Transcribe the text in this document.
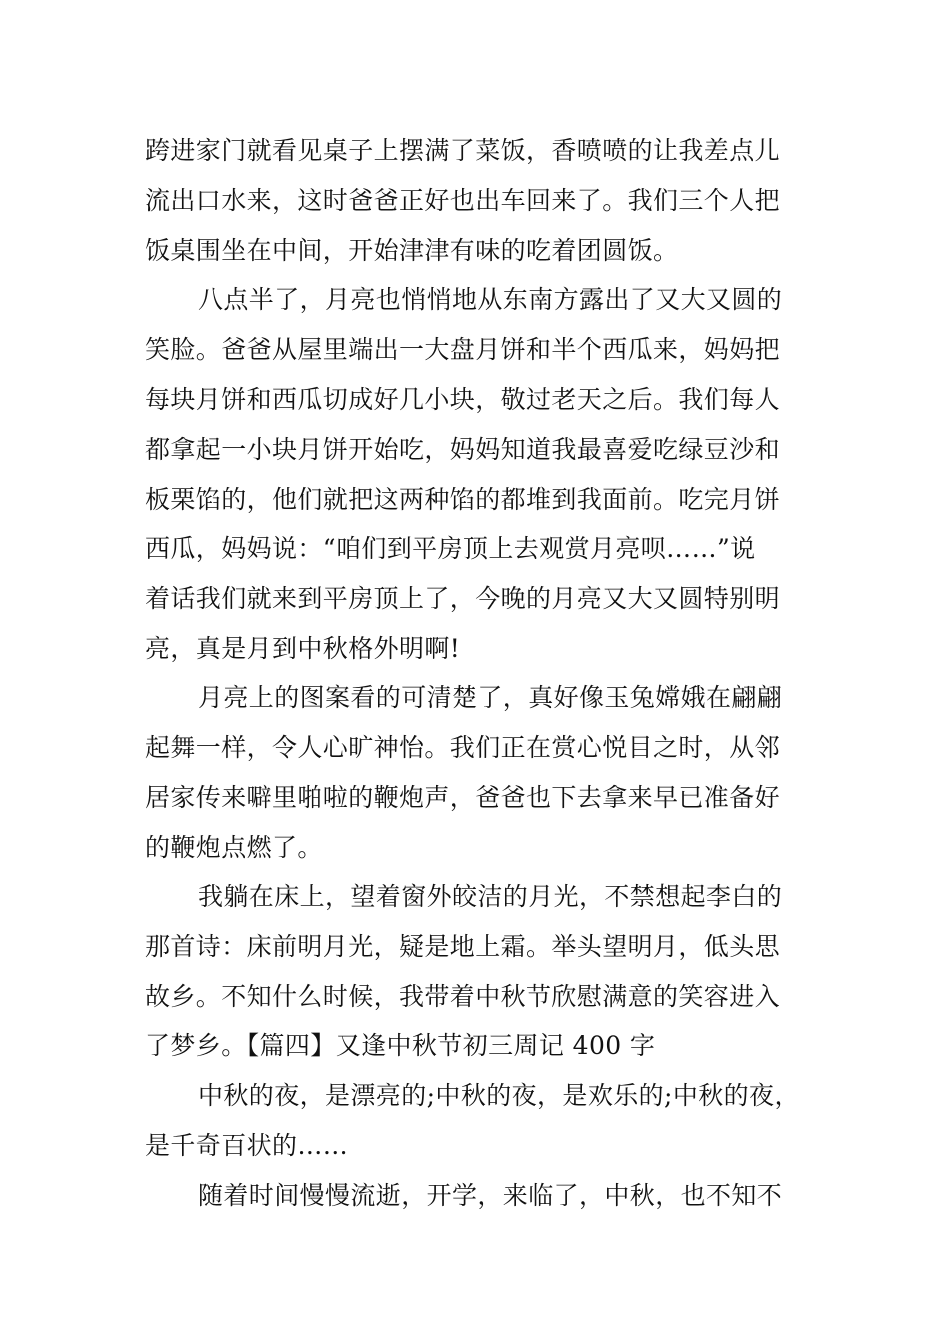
跨进家门就看见桌子上摆满了菜饭，香喷喷的让我差点儿
流出口水来，这时爸爸正好也出车回来了。我们三个人把
饭桌围坐在中间，开始津津有味的吃着团圆饭。
八点半了，月亮也悄悄地从东南方露出了又大又圆的
笑脸。爸爸从屋里端出一大盘月饼和半个西瓜来，妈妈把
每块月饼和西瓜切成好几小块，敬过老天之后。我们每人
都拿起一小块月饼开始吃，妈妈知道我最喜爱吃绿豆沙和
板栗馅的，他们就把这两种馅的都堆到我面前。吃完月饼
西瓜，妈妈说：“咱们到平房顶上去观赏月亮呗……”说
着话我们就来到平房顶上了，今晚的月亮又大又圆特别明
亮，真是月到中秋格外明啊!
月亮上的图案看的可清楚了，真好像玉兔嫦娥在翩翩
起舞一样，令人心旷神怡。我们正在赏心悦目之时，从邻
居家传来噼里啪啦的鞭炮声，爸爸也下去拿来早已准备好
的鞭炮点燃了。
我躺在床上，望着窗外皎洁的月光，不禁想起李白的
那首诗：床前明月光，疑是地上霜。举头望明月，低头思
故乡。不知什么时候，我带着中秋节欣慰满意的笑容进入
了梦乡。【篇四】又逢中秋节初三周记 400 字
中秋的夜，是漂亮的;中秋的夜，是欢乐的;中秋的夜，
是千奇百状的……
随着时间慢慢流逝，开学，来临了，中秋，也不知不
